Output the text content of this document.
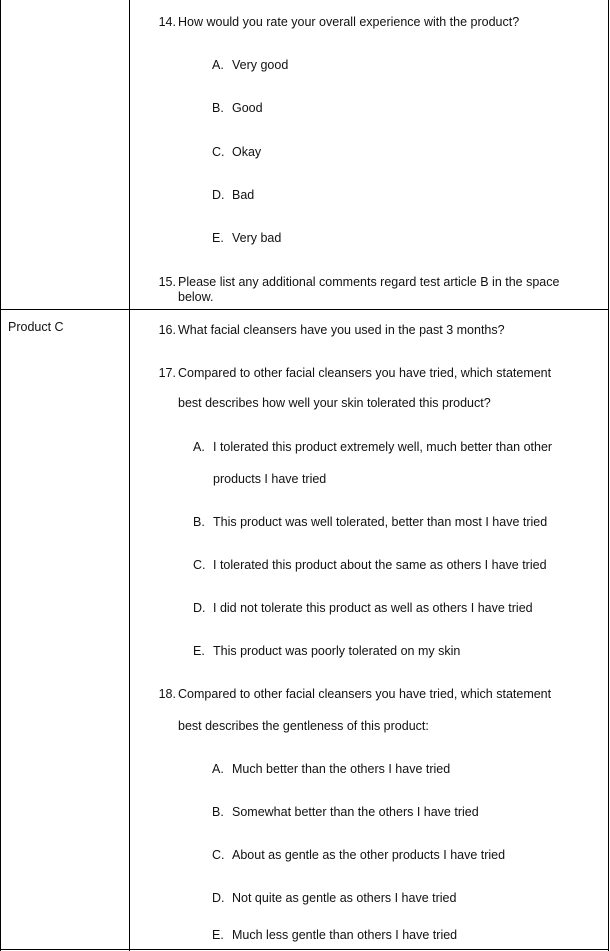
14. How would you rate your overall experience with the product?
A. Very good
B. Good
C. Okay
D. Bad
E. Very bad
15. Please list any additional comments regard test article B in the space
below.
Product C	16. What facial cleansers have you used in the past 3 months?
17. Compared to other facial cleansers you have tried, which statement
best describes how well your skin tolerated this product?
A. I tolerated this product extremely well, much better than other
products I have tried
B. This product was well tolerated, better than most I have tried
C. I tolerated this product about the same as others I have tried
D. I did not tolerate this product as well as others I have tried
E. This product was poorly tolerated on my skin
18. Compared to other facial cleansers you have tried, which statement
best describes the gentleness of this product:
A. Much better than the others I have tried
B. Somewhat better than the others I have tried
C. About as gentle as the other products I have tried
D. Not quite as gentle as others I have tried
E. Much less gentle than others I have tried
